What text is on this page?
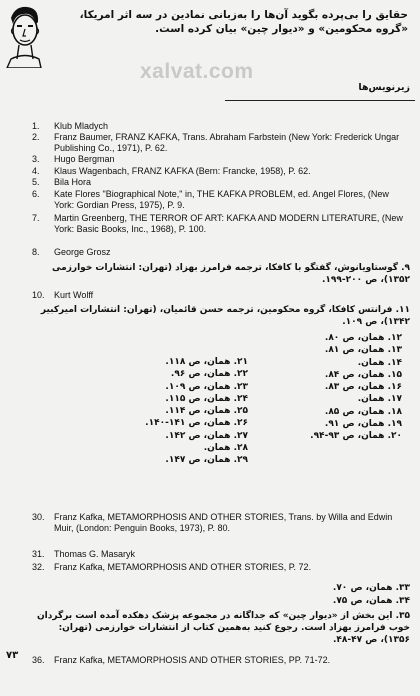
حقایق را بی‌پرده بگوید آن‌ها را بەزبانی نمادین در سه اثر امریکا، «گروه محکومین» و «دیوار چین» بیان کرده است.
xalvat.com
زیرنویس‌ها
1. Klub Mladych
2.	Franz Baumer, FRANZ KAFKA, Trans. Abraham Farbstein (New York: Frederick Ungar Publishing Co., 1971), P. 62.
3. Hugo Bergman
4. Klaus Wagenbach, FRANZ KAFKA (Bern: Francke, 1958), P. 62.
5. Bila Hora
6.	Kate Flores "Biographical Note," in, THE KAFKA PROBLEM, ed. Angel Flores, (New York: Gordian Press, 1975), P. 9.
7.	Martin Greenberg, THE TERROR OF ART: KAFKA AND MODERN LITERATURE, (New York: Basic Books, Inc., 1968), P. 100.
8. George Grosz
۹. گوستاویانوش، گفتگو با کافکا، ترجمه فرامرز بهزاد (تهران: انتشارات خوارزمی ۱۳۵۲)، ص ۲۰۰-۱۹۹.
10. Kurt Wolff
۱۱. فرانتس کافکا، گروه محکومین، ترجمه حسن قائمیان، (تهران: انتشارات امیرکبیر ۱۳۴۲)، ص ۱۰۹.
۱۲. همان، ص ۸۰.
۱۳. همان، ص ۸۱.
۱۴. همان.
۱۵. همان، ص ۸۴.
۱۶. همان، ص ۸۳.
۱۷. همان.
۱۸. همان، ص ۸۵.
۱۹. همان، ص ۹۱.
۲۰. همان، ص ۹۳-۹۴.
۲۱. همان، ص ۱۱۸.
۲۲. همان، ص ۹۶.
۲۳. همان، ص ۱۰۹.
۲۴. همان، ص ۱۱۵.
۲۵. همان، ص ۱۱۴.
۲۶. همان، ص ۱۴۱-۱۴۰.
۲۷. همان، ص ۱۴۲.
۲۸. همان.
۲۹. همان، ص ۱۴۷.
30.	Franz Kafka, METAMORPHOSIS AND OTHER STORIES, Trans. by Willa and Edwin Muir, (London: Penguin Books, 1973), P. 80.
31. Thomas G. Masaryk
32. Franz Kafka, METAMORPHOSIS AND OTHER STORIES, P. 72.
۳۳. همان، ص ۷۰.
۳۴. همان، ص ۷۵.
۳۵. این بخش از «دیوار چین» که جداگانه در مجموعه پزشک دهکده آمده است برگردان خوب فرامرز بهزاد است. رجوع کنید به‌همین کتاب از انتشارات خوارزمی (تهران: ۱۳۵۶)، ص ۴۷-۴۸.
36.	Franz Kafka, METAMORPHOSIS AND OTHER STORIES, PP. 71-72.
۷۳
